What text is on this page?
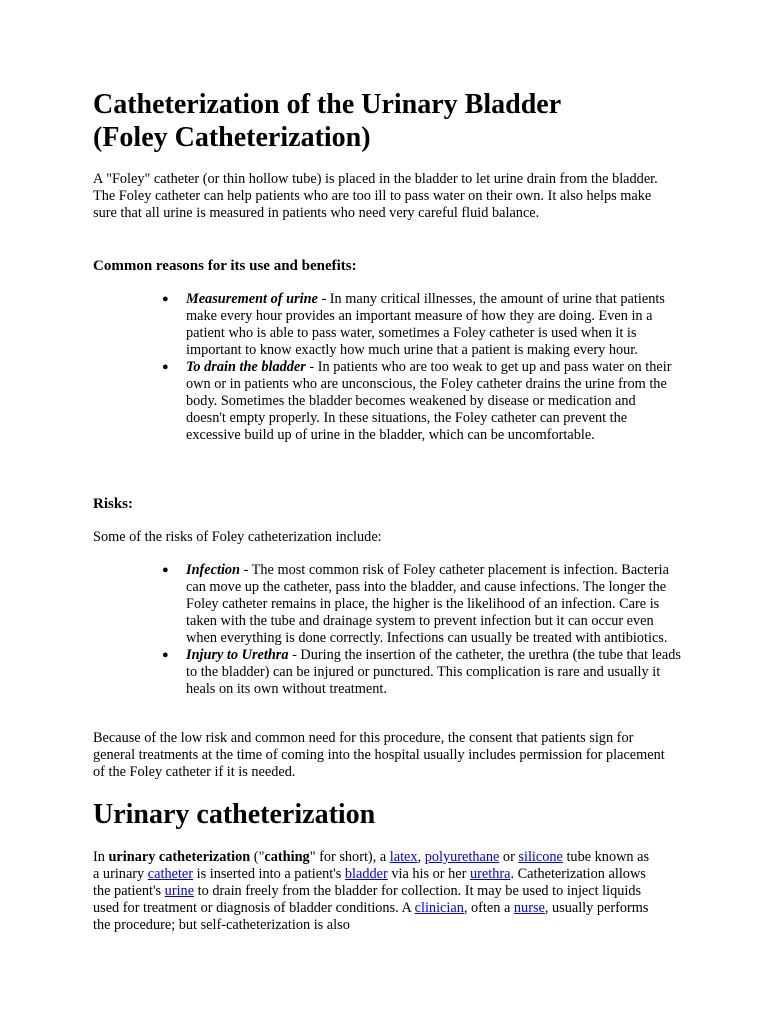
Catheterization of the Urinary Bladder
(Foley Catheterization)

A "Foley" catheter (or thin hollow tube) is placed in the bladder to let urine drain from the bladder. The Foley catheter can help patients who are too ill to pass water on their own. It also helps make sure that all urine is measured in patients who need very careful fluid balance.

Common reasons for its use and benefits:
● Measurement of urine - In many critical illnesses, the amount of urine that patients make every hour provides an important measure of how they are doing. Even in a patient who is able to pass water, sometimes a Foley catheter is used when it is important to know exactly how much urine that a patient is making every hour.
● To drain the bladder - In patients who are too weak to get up and pass water on their own or in patients who are unconscious, the Foley catheter drains the urine from the body. Sometimes the bladder becomes weakened by disease or medication and doesn't empty properly. In these situations, the Foley catheter can prevent the excessive build up of urine in the bladder, which can be uncomfortable.
Risks:

Some of the risks of Foley catheterization include:

● Infection - The most common risk of Foley catheter placement is infection. Bacteria can move up the catheter, pass into the bladder, and cause infections. The longer the Foley catheter remains in place, the higher is the likelihood of an infection. Care is taken with the tube and drainage system to prevent infection but it can occur even when everything is done correctly. Infections can usually be treated with antibiotics.
● Injury to Urethra - During the insertion of the catheter, the urethra (the tube that leads to the bladder) can be injured or punctured. This complication is rare and usually it heals on its own without treatment.

Because of the low risk and common need for this procedure, the consent that patients sign for general treatments at the time of coming into the hospital usually includes permission for placement of the Foley catheter if it is needed.

Urinary catheterization

In urinary catheterization ("cathing" for short), a latex, polyurethane or silicone tube known as a urinary catheter is inserted into a patient's bladder via his or her urethra. Catheterization allows the patient's urine to drain freely from the bladder for collection. It may be used to inject liquids used for treatment or diagnosis of bladder conditions. A clinician, often a nurse, usually performs the procedure; but self-catheterization is also
